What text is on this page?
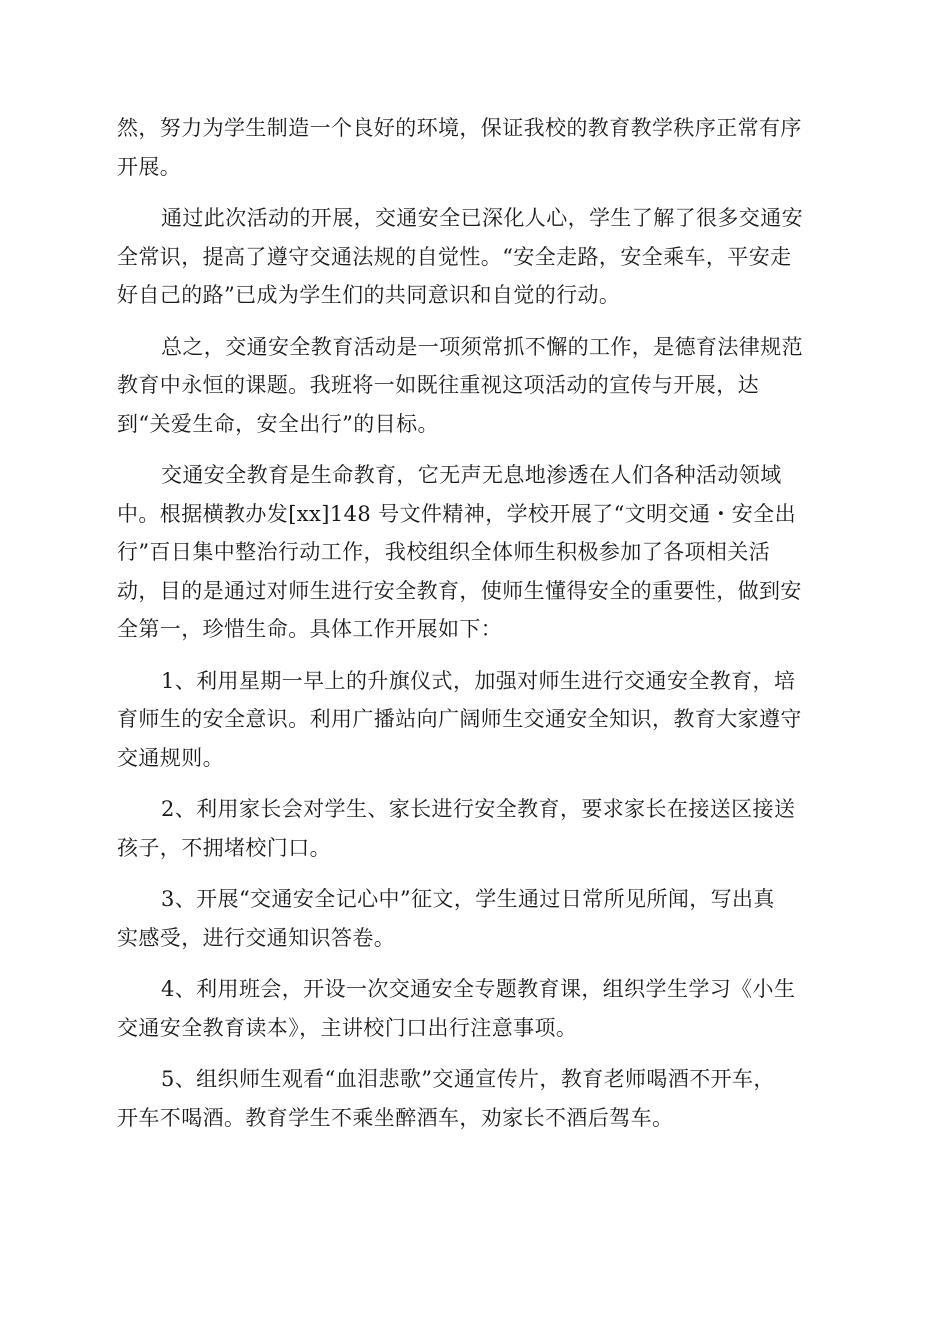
然，努力为学生制造一个良好的环境，保证我校的教育教学秩序正常有序
开展。

通过此次活动的开展，交通安全已深化人心，学生了解了很多交通安
全常识，提高了遵守交通法规的自觉性。“安全走路，安全乘车，平安走
好自己的路”已成为学生们的共同意识和自觉的行动。

总之，交通安全教育活动是一项须常抓不懈的工作，是德育法律规范
教育中永恒的课题。我班将一如既往重视这项活动的宣传与开展，达
到“关爱生命，安全出行”的目标。

交通安全教育是生命教育，它无声无息地渗透在人们各种活动领域
中。根据横教办发[xx]148 号文件精神，学校开展了“文明交通・安全出
行”百日集中整治行动工作，我校组织全体师生积极参加了各项相关活
动，目的是通过对师生进行安全教育，使师生懂得安全的重要性，做到安
全第一，珍惜生命。具体工作开展如下：

1、利用星期一早上的升旗仪式，加强对师生进行交通安全教育，培
育师生的安全意识。利用广播站向广阔师生交通安全知识，教育大家遵守
交通规则。

2、利用家长会对学生、家长进行安全教育，要求家长在接送区接送
孩子，不拥堵校门口。

3、开展“交通安全记心中”征文，学生通过日常所见所闻，写出真
实感受，进行交通知识答卷。

4、利用班会，开设一次交通安全专题教育课，组织学生学习《小生
交通安全教育读本》，主讲校门口出行注意事项。

5、组织师生观看“血泪悲歌”交通宣传片，教育老师喝酒不开车，
开车不喝酒。教育学生不乘坐醉酒车，劝家长不酒后驾车。
